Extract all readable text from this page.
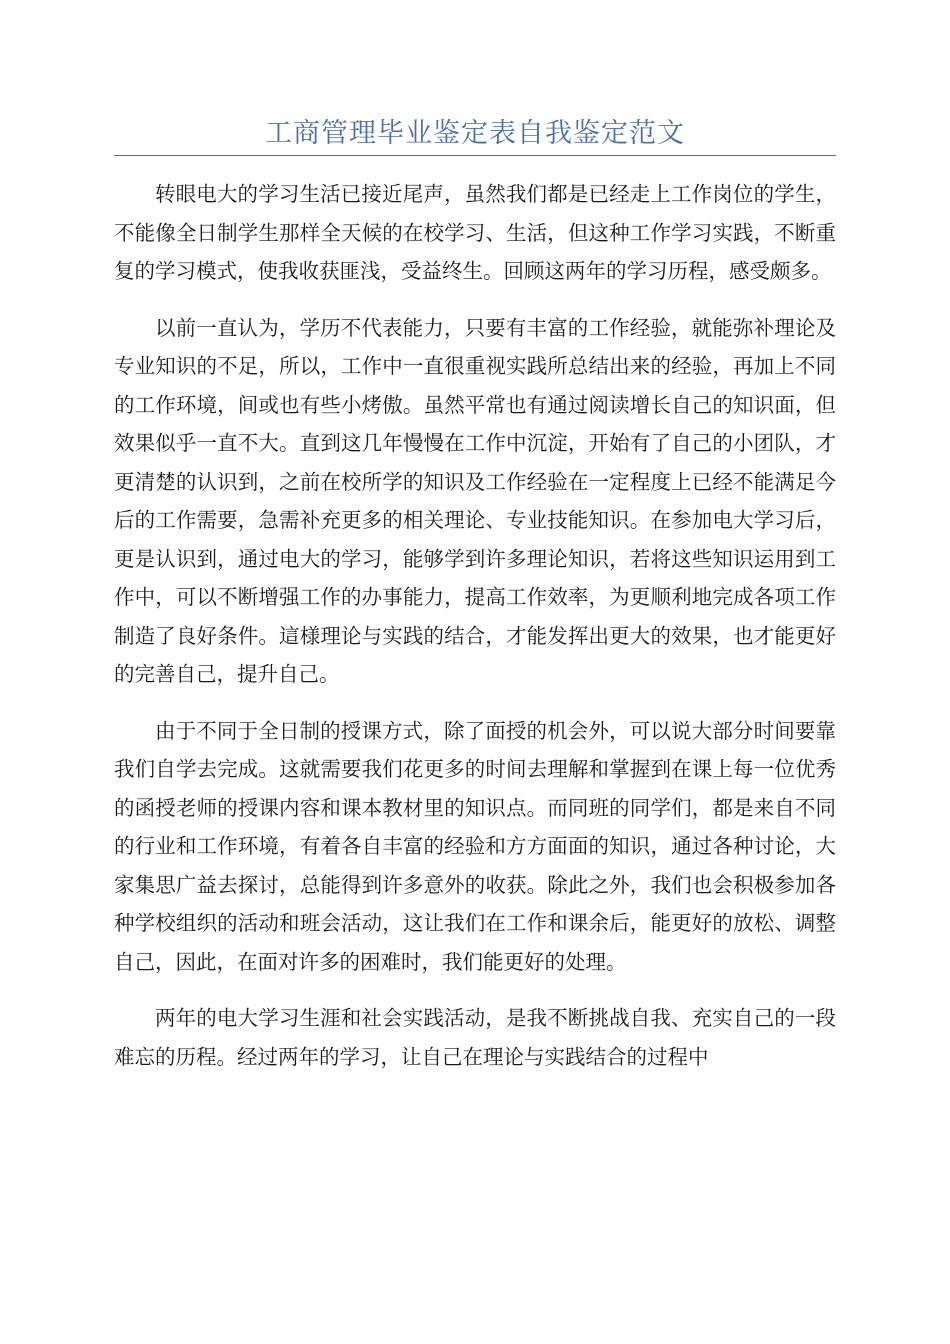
工商管理毕业鉴定表自我鉴定范文

转眼电大的学习生活已接近尾声，虽然我们都是已经走上工作岗位的学生，不能像全日制学生那样全天候的在校学习、生活，但这种工作学习实践，不断重复的学习模式，使我收获匪浅，受益终生。回顾这两年的学习历程，感受颇多。

以前一直认为，学历不代表能力，只要有丰富的工作经验，就能弥补理论及专业知识的不足，所以，工作中一直很重视实践所总结出来的经验，再加上不同的工作环境，间或也有些小烤傲。虽然平常也有通过阅读增长自己的知识面，但效果似乎一直不大。直到这几年慢慢在工作中沉淀，开始有了自己的小团队，才更清楚的认识到，之前在校所学的知识及工作经验在一定程度上已经不能满足今后的工作需要，急需补充更多的相关理论、专业技能知识。在参加电大学习后，更是认识到，通过电大的学习，能够学到许多理论知识，若将这些知识运用到工作中，可以不断增强工作的办事能力，提高工作效率，为更顺利地完成各项工作制造了良好条件。這様理论与实践的结合，才能发挥出更大的效果，也才能更好的完善自己，提升自己。

由于不同于全日制的授课方式，除了面授的机会外，可以说大部分时间要靠我们自学去完成。这就需要我们花更多的时间去理解和掌握到在课上每一位优秀的函授老师的授课内容和课本教材里的知识点。而同班的同学们，都是来自不同的行业和工作环境，有着各自丰富的经验和方方面面的知识，通过各种讨论，大家集思广益去探讨，总能得到许多意外的收获。除此之外，我们也会积极参加各种学校组织的活动和班会活动，这让我们在工作和课余后，能更好的放松、调整自己，因此，在面对许多的困难时，我们能更好的处理。

两年的电大学习生涯和社会实践活动，是我不断挑战自我、充实自己的一段难忘的历程。经过两年的学习，让自己在理论与实践结合的过程中
